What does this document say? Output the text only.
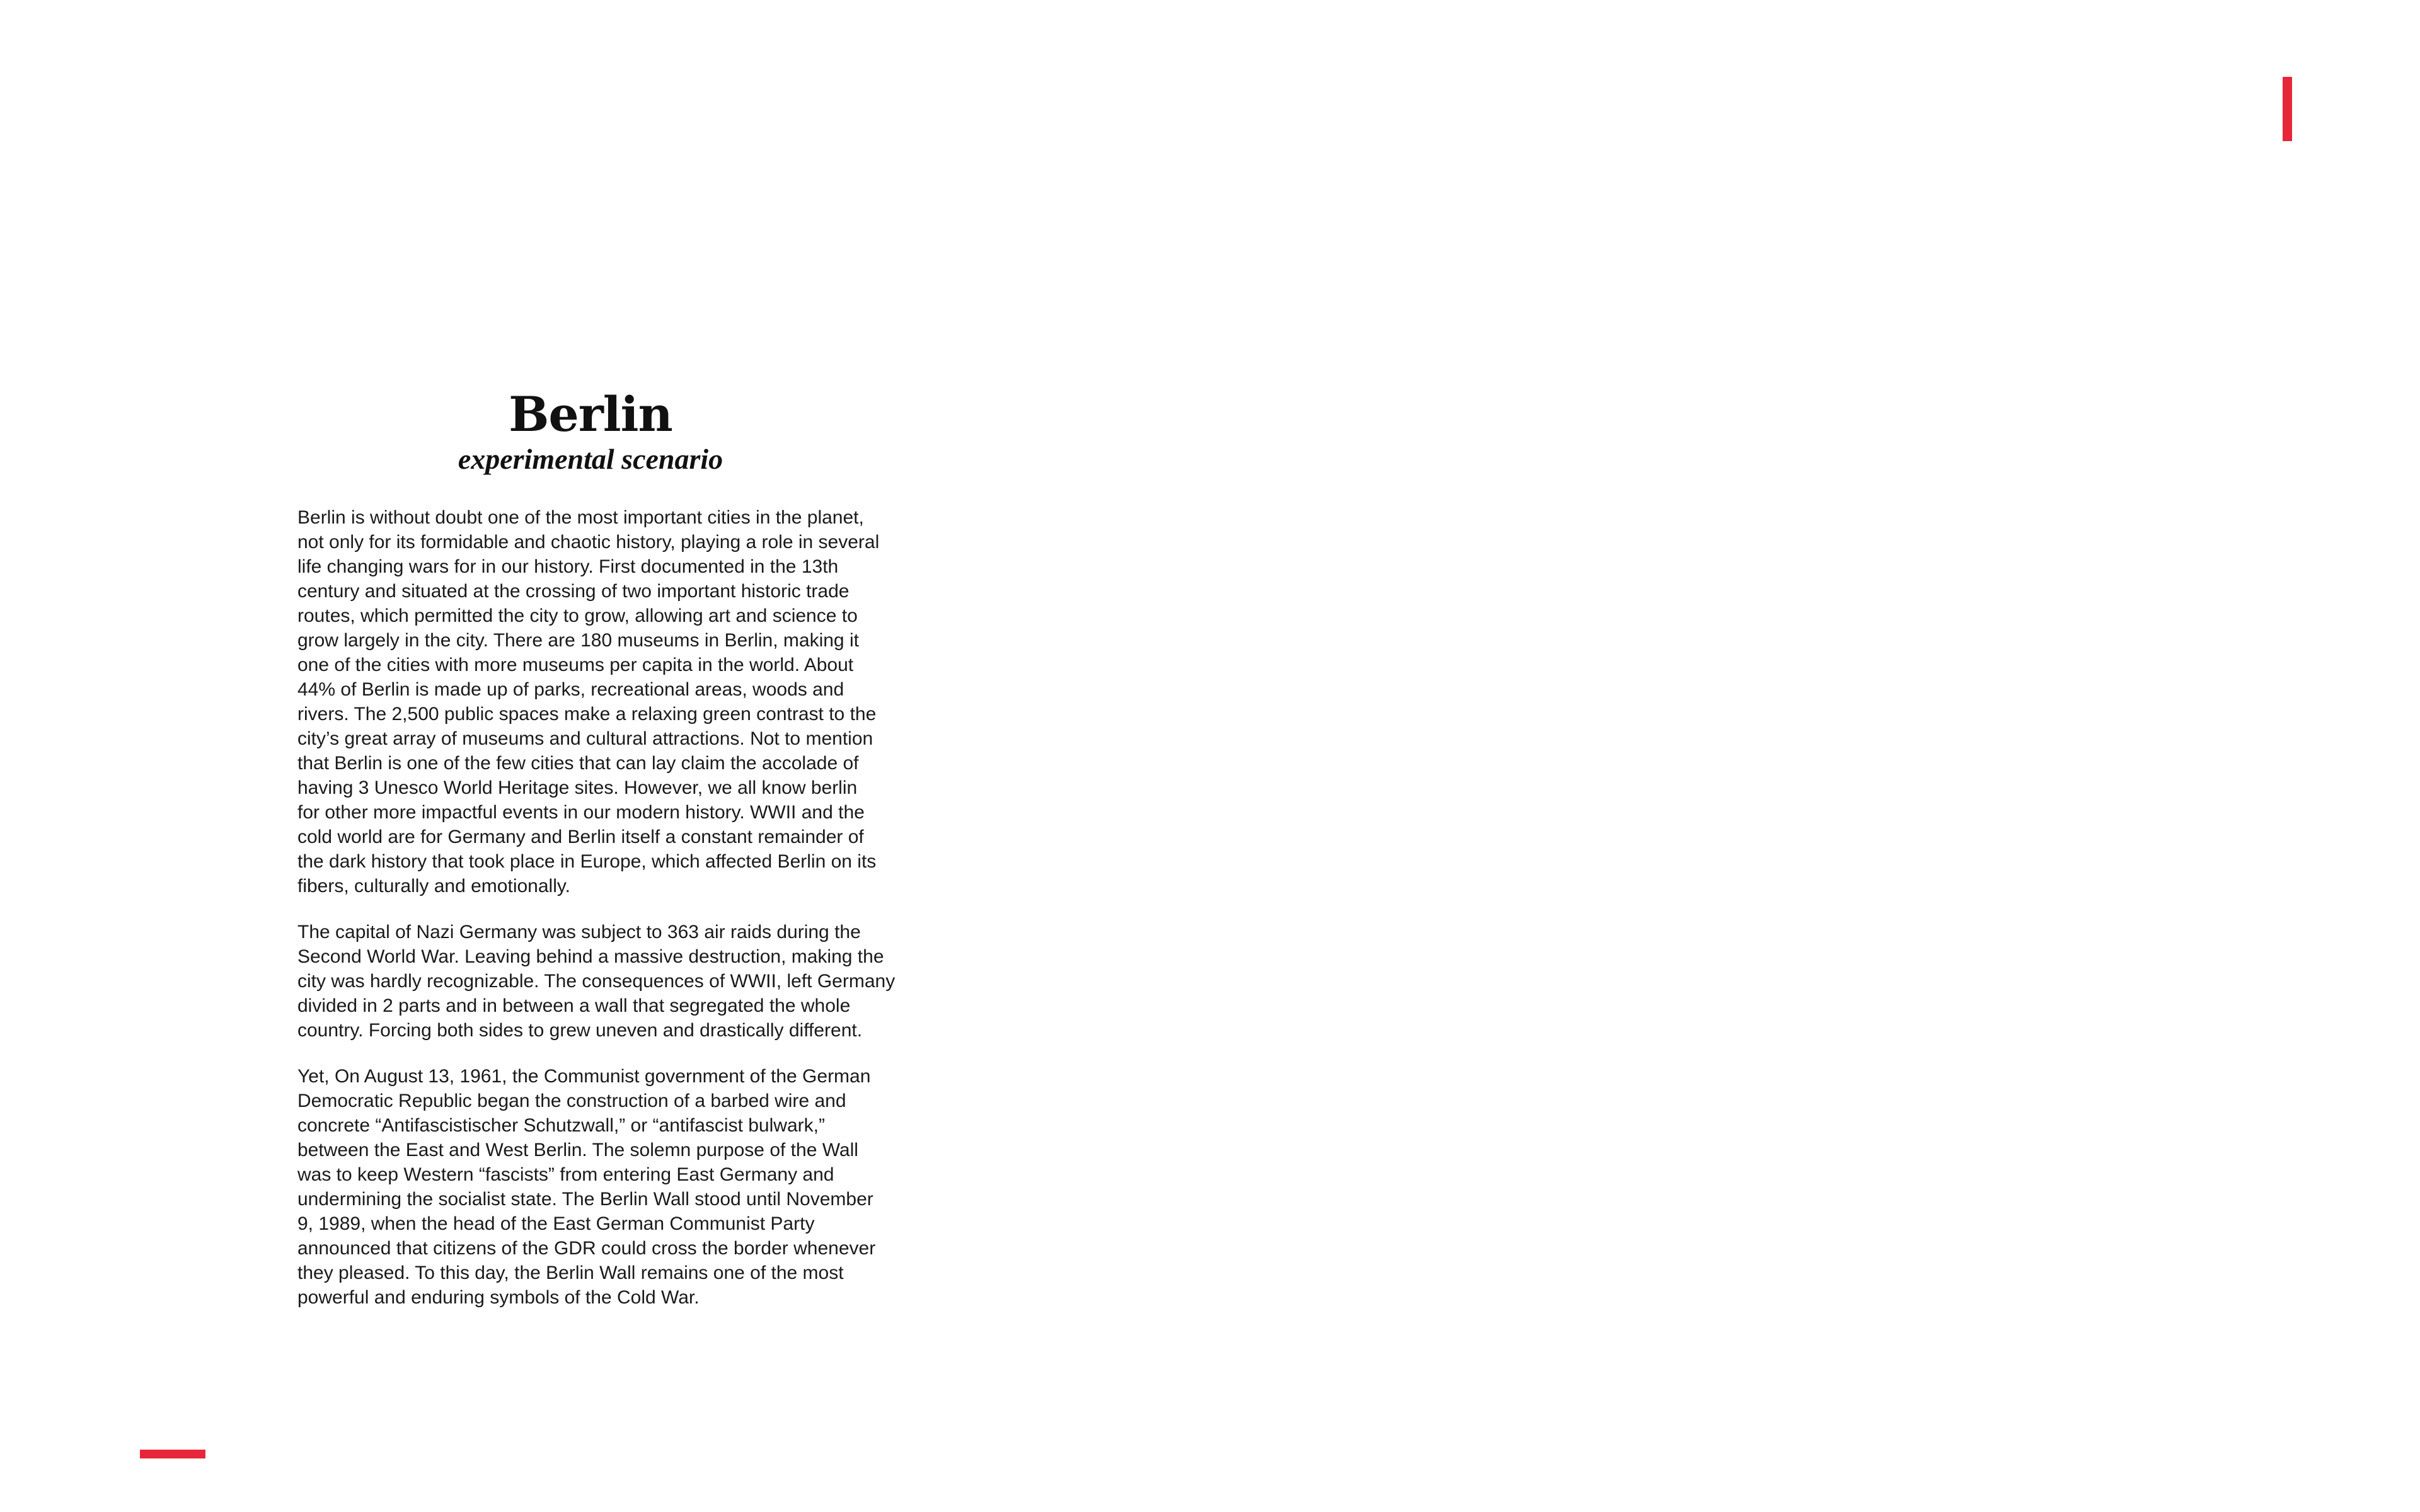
Berlin
experimental scenario

Berlin is without doubt one of the most important cities in the planet,
not only for its formidable and chaotic history, playing a role in several
life changing wars for in our history. First documented in the 13th
century and situated at the crossing of two important historic trade
routes, which permitted the city to grow, allowing art and science to
grow largely in the city. There are 180 museums in Berlin, making it
one of the cities with more museums per capita in the world. About
44% of Berlin is made up of parks, recreational areas, woods and
rivers. The 2,500 public spaces make a relaxing green contrast to the
city’s great array of museums and cultural attractions. Not to mention
that Berlin is one of the few cities that can lay claim the accolade of
having 3 Unesco World Heritage sites. However, we all know berlin
for other more impactful events in our modern history. WWII and the
cold world are for Germany and Berlin itself a constant remainder of
the dark history that took place in Europe, which affected Berlin on its
fibers, culturally and emotionally.

The capital of Nazi Germany was subject to 363 air raids during the
Second World War. Leaving behind a massive destruction, making the
city was hardly recognizable. The consequences of WWII, left Germany
divided in 2 parts and in between a wall that segregated the whole
country. Forcing both sides to grew uneven and drastically different.

Yet, On August 13, 1961, the Communist government of the German
Democratic Republic began the construction of a barbed wire and
concrete “Antifascistischer Schutzwall,” or “antifascist bulwark,”
between the East and West Berlin. The solemn purpose of the Wall
was to keep Western “fascists” from entering East Germany and
undermining the socialist state. The Berlin Wall stood until November
9, 1989, when the head of the East German Communist Party
announced that citizens of the GDR could cross the border whenever
they pleased. To this day, the Berlin Wall remains one of the most
powerful and enduring symbols of the Cold War.
